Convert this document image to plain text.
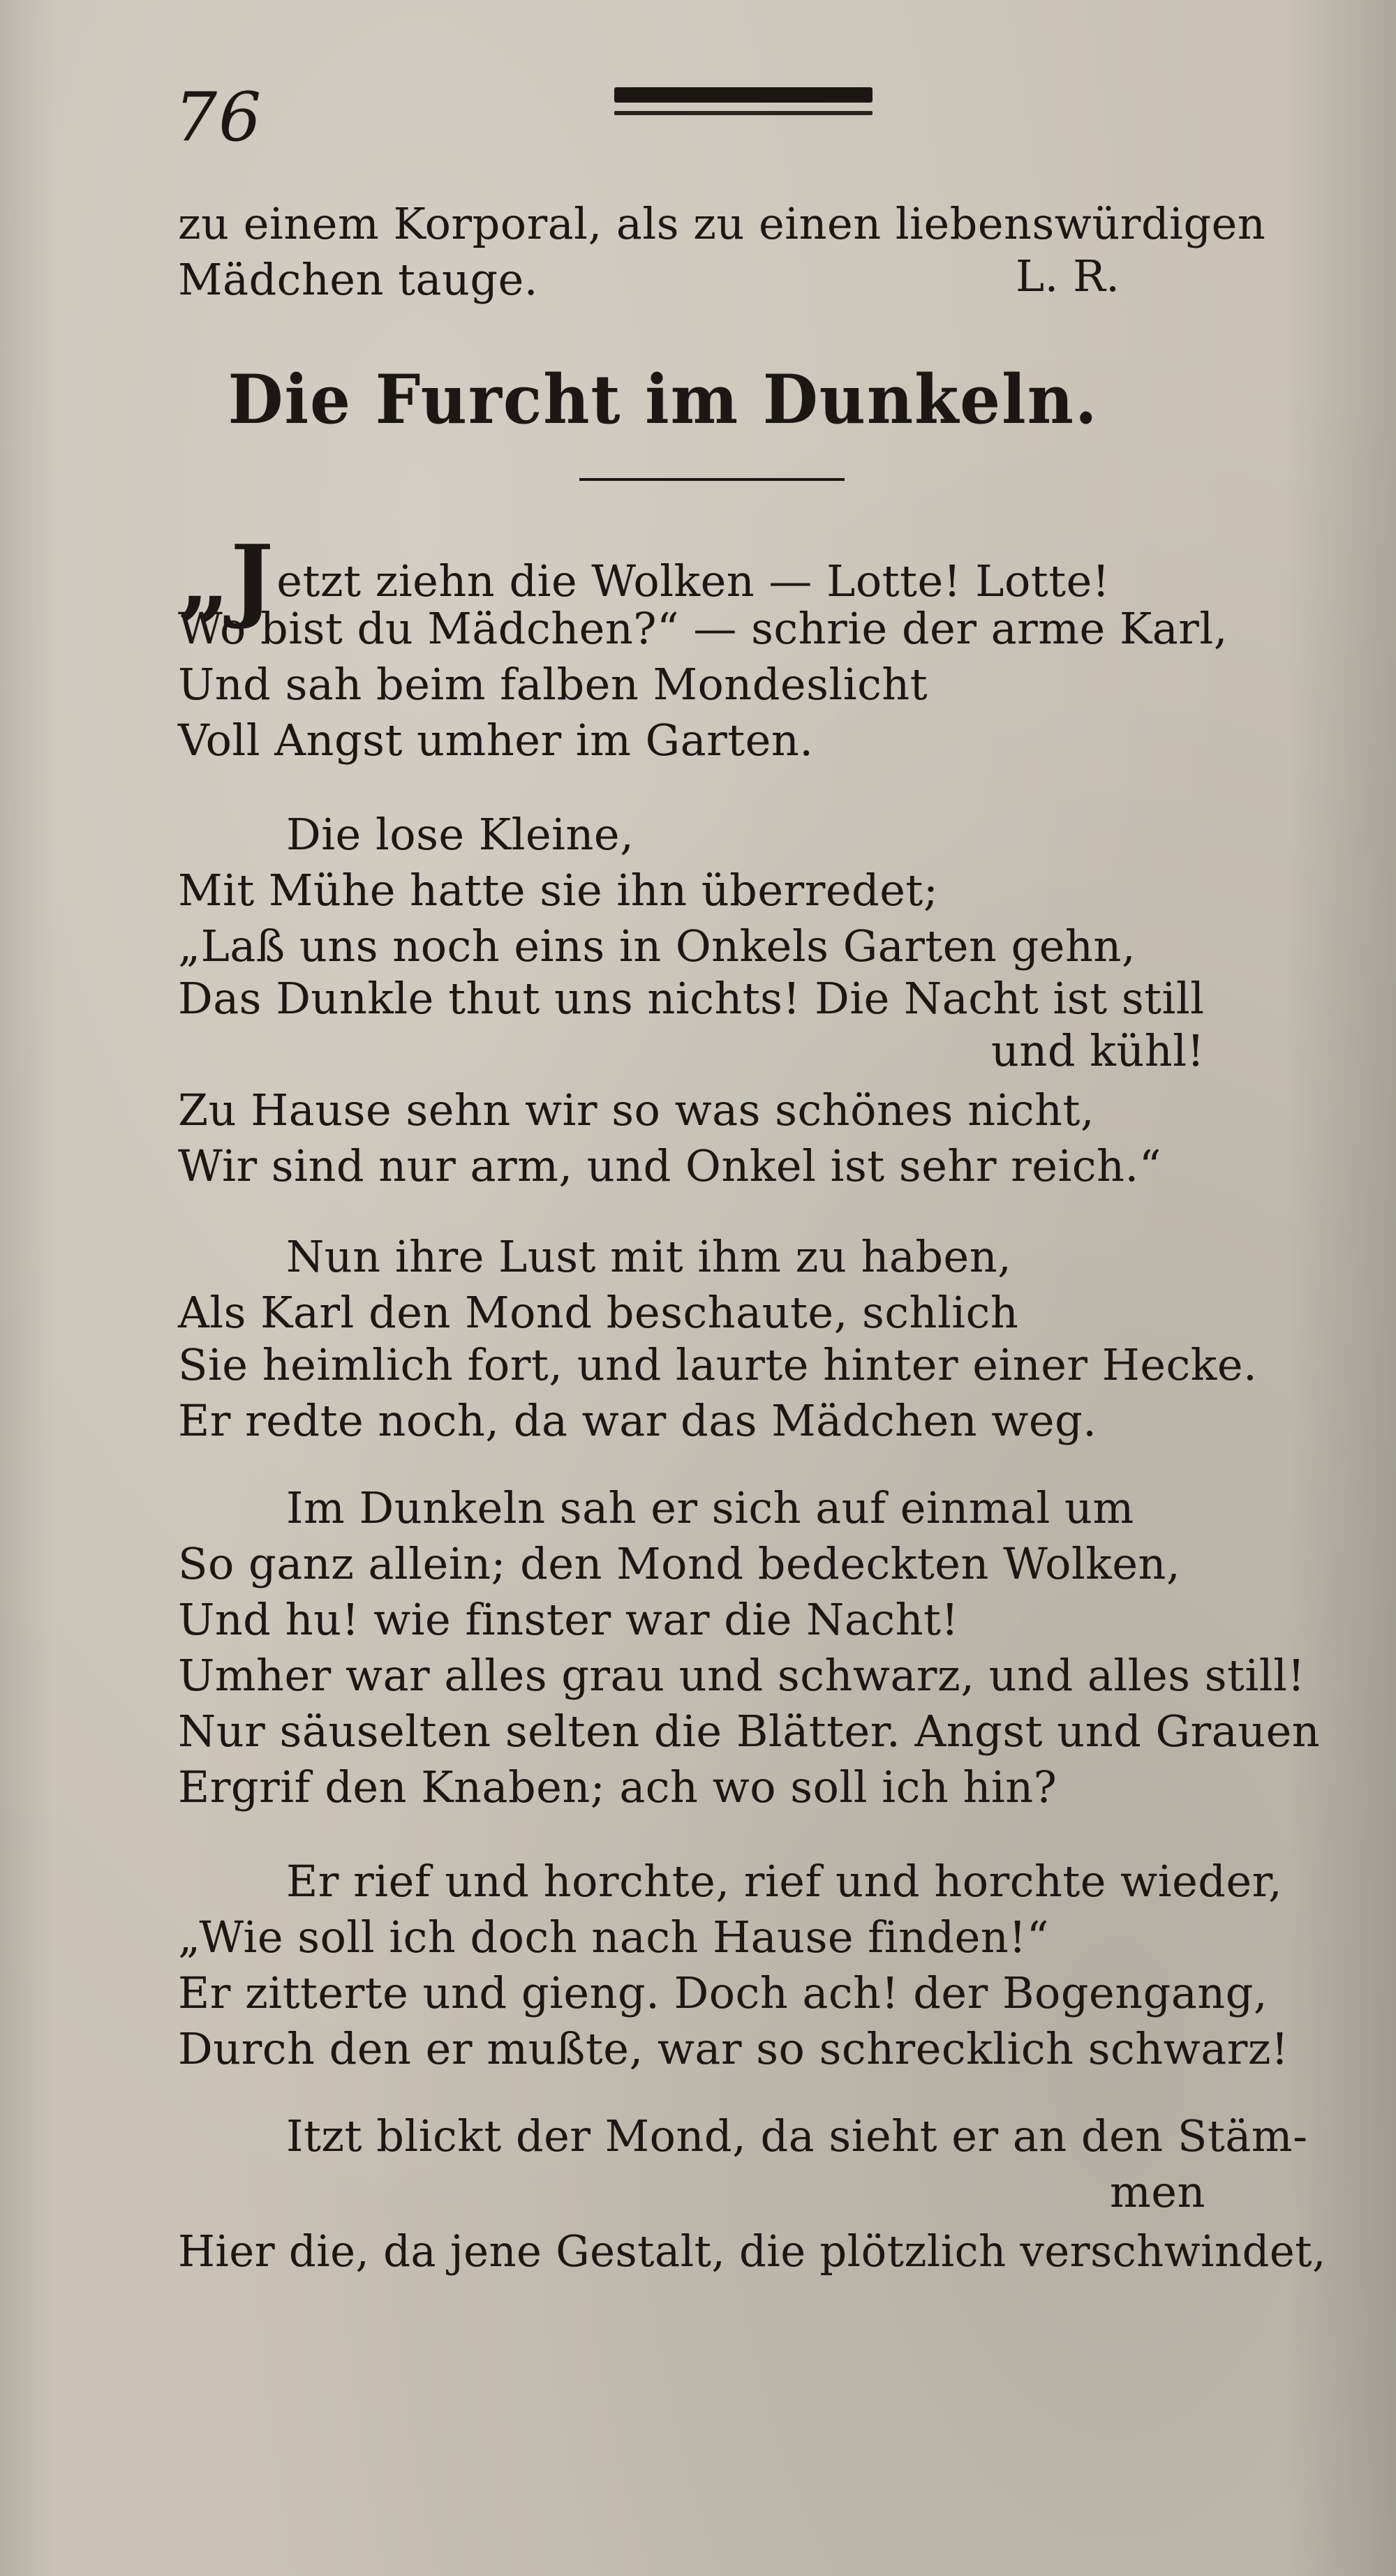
76
zu einem Korporal, als zu einen liebenswürdigen
Mädchen tauge.	L. R.
Die Furcht im Dunkeln.
„Jetzt ziehn die Wolken — Lotte! Lotte!
Wo bist du Mädchen?“ — schrie der arme Karl,
Und sah beim falben Mondeslicht
Voll Angst umher im Garten.
Die lose Kleine,
Mit Mühe hatte sie ihn überredet;
„Laß uns noch eins in Onkels Garten gehn,
Das Dunkle thut uns nichts! Die Nacht ist still
und kühl!
Zu Hause sehn wir so was schönes nicht,
Wir sind nur arm, und Onkel ist sehr reich.“
Nun ihre Lust mit ihm zu haben,
Als Karl den Mond beschaute, schlich
Sie heimlich fort, und laurte hinter einer Hecke.
Er redte noch, da war das Mädchen weg.
Im Dunkeln sah er sich auf einmal um
So ganz allein; den Mond bedeckten Wolken,
Und hu! wie finster war die Nacht!
Umher war alles grau und schwarz, und alles still!
Nur säuselten selten die Blätter. Angst und Grauen
Ergrif den Knaben; ach wo soll ich hin?
Er rief und horchte, rief und horchte wieder,
„Wie soll ich doch nach Hause finden!“
Er zitterte und gieng. Doch ach! der Bogengang,
Durch den er mußte, war so schrecklich schwarz!
Itzt blickt der Mond, da sieht er an den Stäm-
men
Hier die, da jene Gestalt, die plötzlich verschwindet,
